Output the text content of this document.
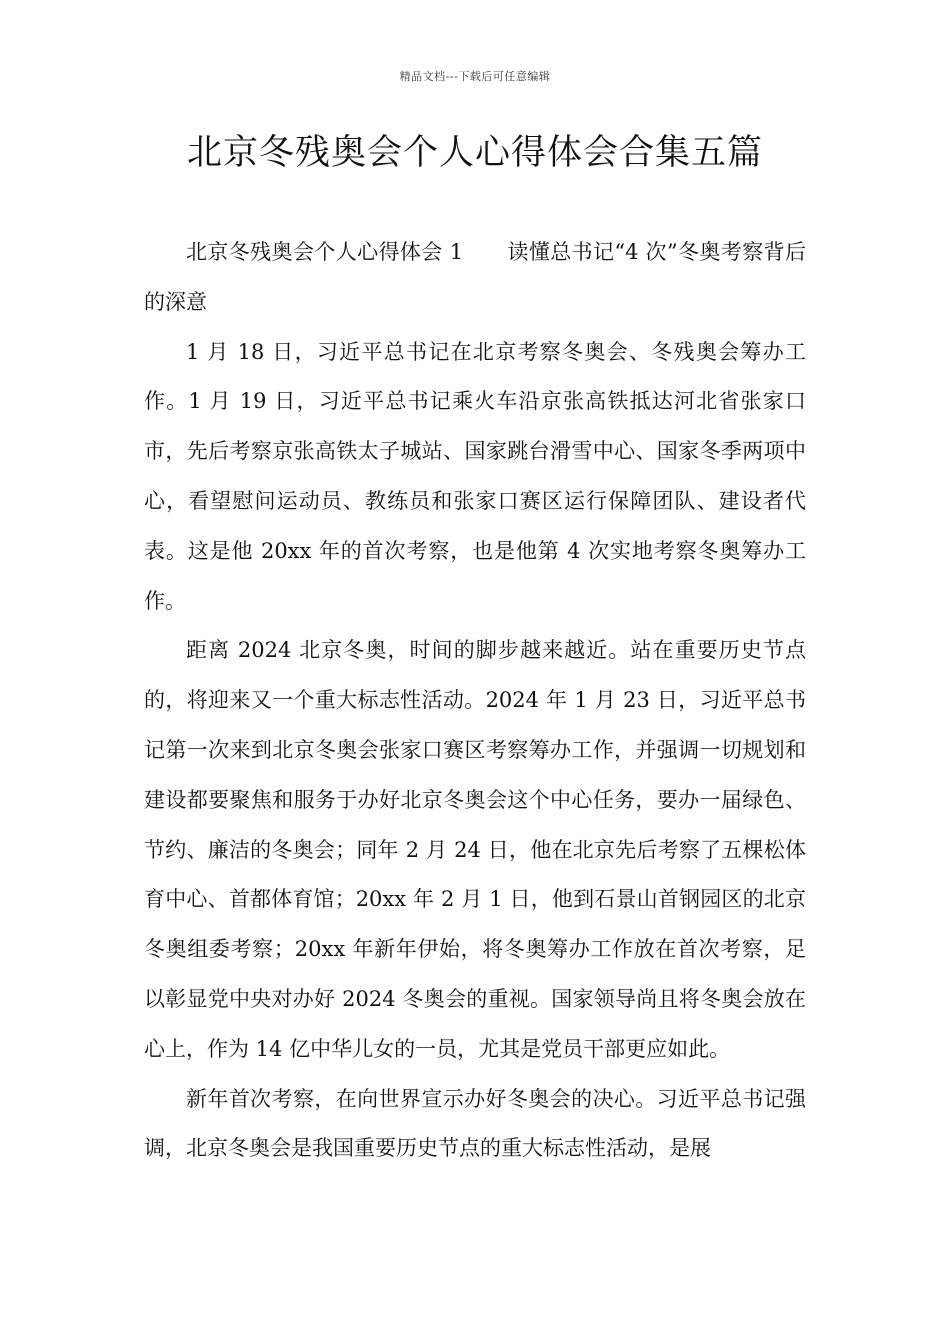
精品文档---下载后可任意编辑
北京冬残奥会个人心得体会合集五篇

北京冬残奥会个人心得体会 1 读懂总书记“4 次”冬奥考察背后的深意

1 月 18 日，习近平总书记在北京考察冬奥会、冬残奥会筹办工作。1 月 19 日，习近平总书记乘火车沿京张高铁抵达河北省张家口市，先后考察京张高铁太子城站、国家跳台滑雪中心、国家冬季两项中心，看望慰问运动员、教练员和张家口赛区运行保障团队、建设者代表。这是他 20xx 年的首次考察，也是他第 4 次实地考察冬奥筹办工作。

距离 2024 北京冬奥，时间的脚步越来越近。站在重要历史节点的，将迎来又一个重大标志性活动。2024 年 1 月 23 日，习近平总书记第一次来到北京冬奥会张家口赛区考察筹办工作，并强调一切规划和建设都要聚焦和服务于办好北京冬奥会这个中心任务，要办一届绿色、节约、廉洁的冬奥会；同年 2 月 24 日，他在北京先后考察了五棵松体育中心、首都体育馆；20xx 年 2 月 1 日，他到石景山首钢园区的北京冬奥组委考察；20xx 年新年伊始，将冬奥筹办工作放在首次考察，足以彰显党中央对办好 2024 冬奥会的重视。国家领导尚且将冬奥会放在心上，作为 14 亿中华儿女的一员，尤其是党员干部更应如此。

新年首次考察，在向世界宣示办好冬奥会的决心。习近平总书记强调，北京冬奥会是我国重要历史节点的重大标志性活动，是展
